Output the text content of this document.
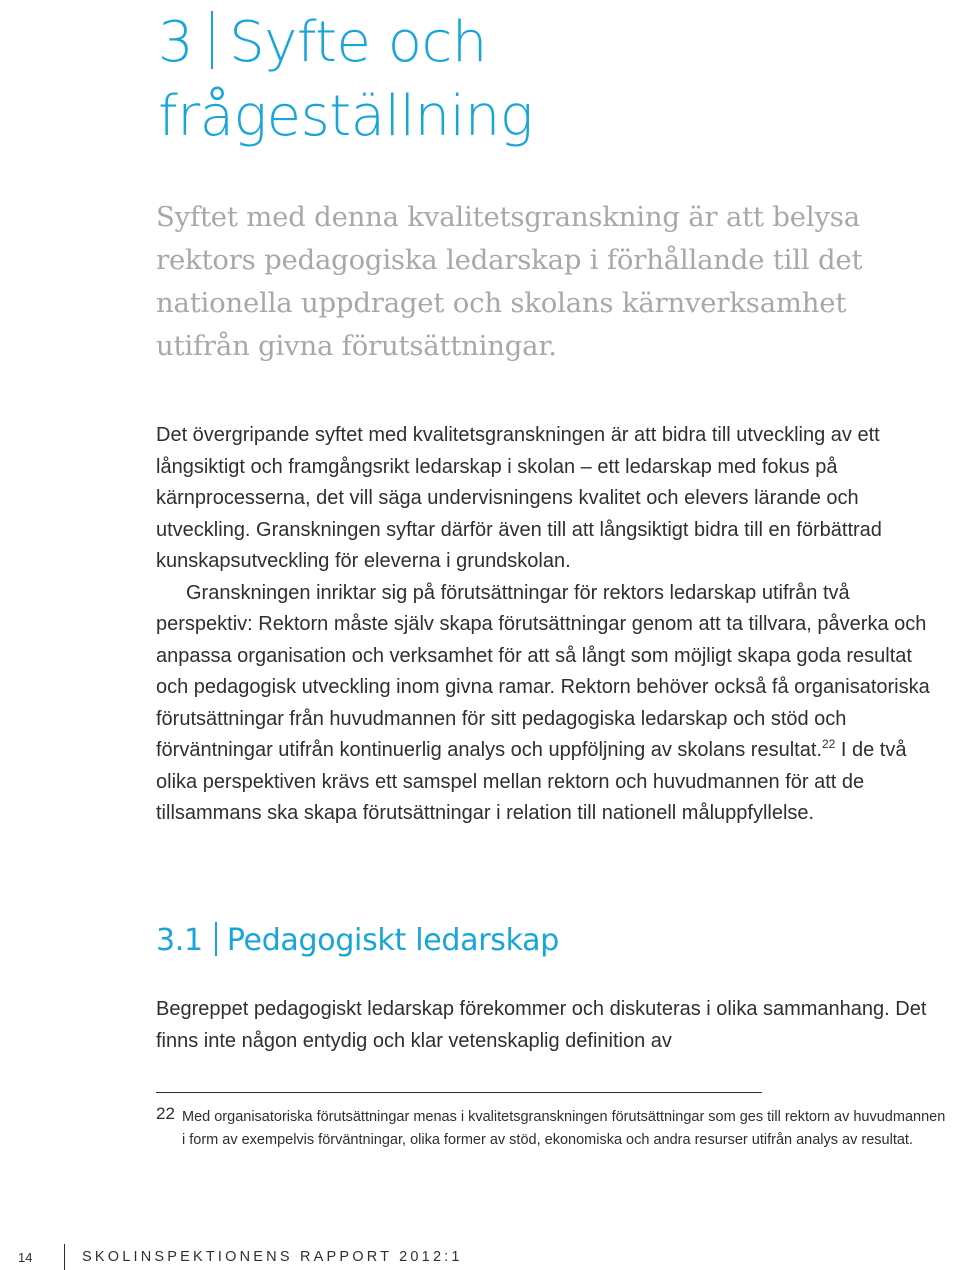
3 Syfte och
frågeställning

Syftet med denna kvalitetsgranskning är att belysa

rektors pedagogiska ledarskap i förhållande till det

nationella uppdraget och skolans kärnverksamhet

utifrån givna förutsättningar.

Det övergripande syftet med kvalitetsgranskningen är att bidra till utveckling av ett långsiktigt och framgångsrikt ledarskap i skolan – ett ledarskap med fokus på kärnprocesserna, det vill säga undervisningens kvalitet och elevers lärande och utveckling. Granskningen syftar därför även till att långsiktigt bidra till en förbättrad kunskapsutveckling för eleverna i grundskolan.

Granskningen inriktar sig på förutsättningar för rektors ledarskap utifrån två perspektiv: Rektorn måste själv skapa förutsättningar genom att ta tillvara, påverka och anpassa organisation och verksamhet för att så långt som möjligt skapa goda resultat och pedagogisk utveckling inom givna ramar. Rektorn behöver också få organisatoriska förutsättningar från huvudmannen för sitt pedagogiska ledarskap och stöd och förväntningar utifrån kontinuerlig analys och uppföljning av skolans resultat.$^{22}$ I de två olika perspektiven krävs ett samspel mellan rektorn och huvudmannen för att de tillsammans ska skapa förutsättningar i relation till nationell måluppfyllelse.

3.1 Pedagogiskt ledarskap

Begreppet pedagogiskt ledarskap förekommer och diskuteras i olika sammanhang. Det finns inte någon entydig och klar vetenskaplig definition av

22 Med organisatoriska förutsättningar menas i kvalitetsgranskningen förutsättningar som ges till rektorn av huvudmannen i form av exempelvis förväntningar, olika former av stöd, ekonomiska och andra resurser utifrån analys av resultat.
14	SKOLINSPEKTIONENS RAPPORT 2012:1
